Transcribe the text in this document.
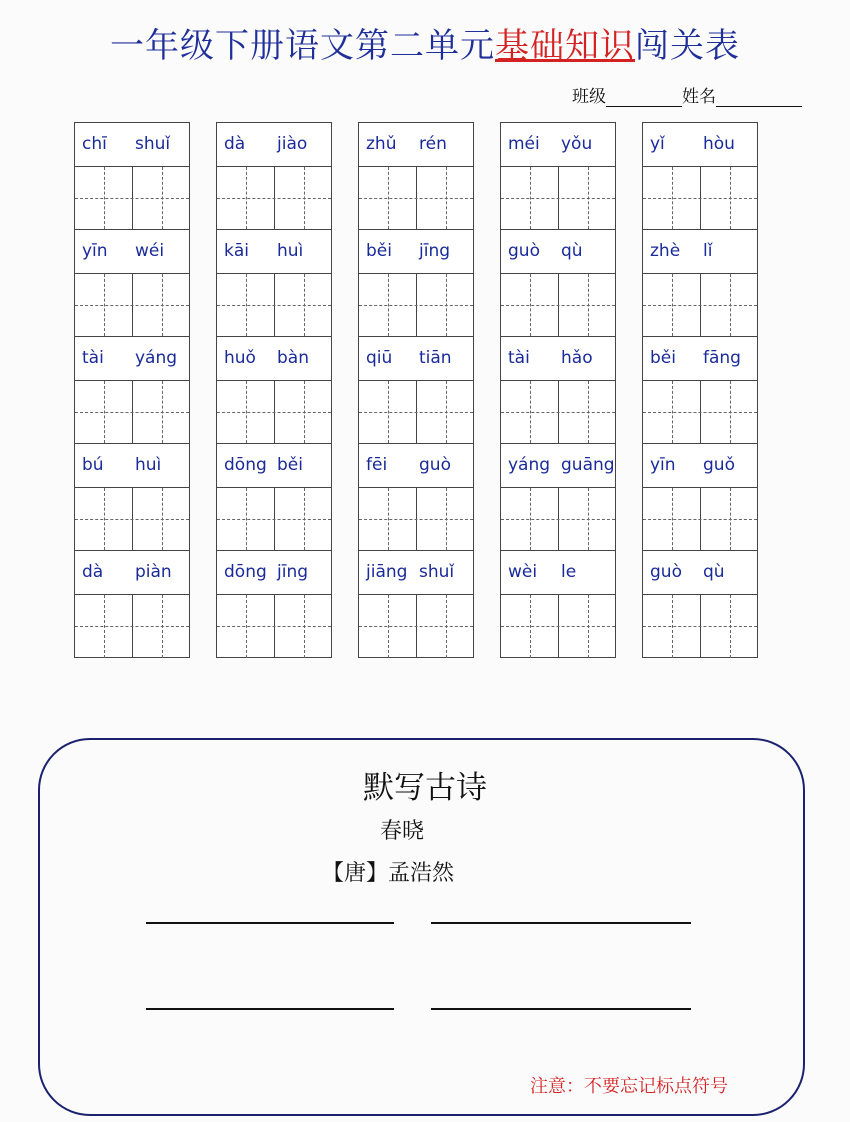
一年级下册语文第二单元基础知识闯关表
班级	姓名
chī shuǐ
yīn wéi
tài yáng
bú huì
dà piàn
dà jiào
kāi huì
huǒ bàn
dōng běi
dōng jīng
zhǔ rén
běi jīng
qiū tiān
fēi guò
jiāng shuǐ
méi yǒu
guò qù
tài hǎo
yáng guāng
wèi le
yǐ hòu
zhè lǐ
běi fāng
yīn guǒ
guò qù
默写古诗
春晓
【唐】孟浩然
注意：不要忘记标点符号
